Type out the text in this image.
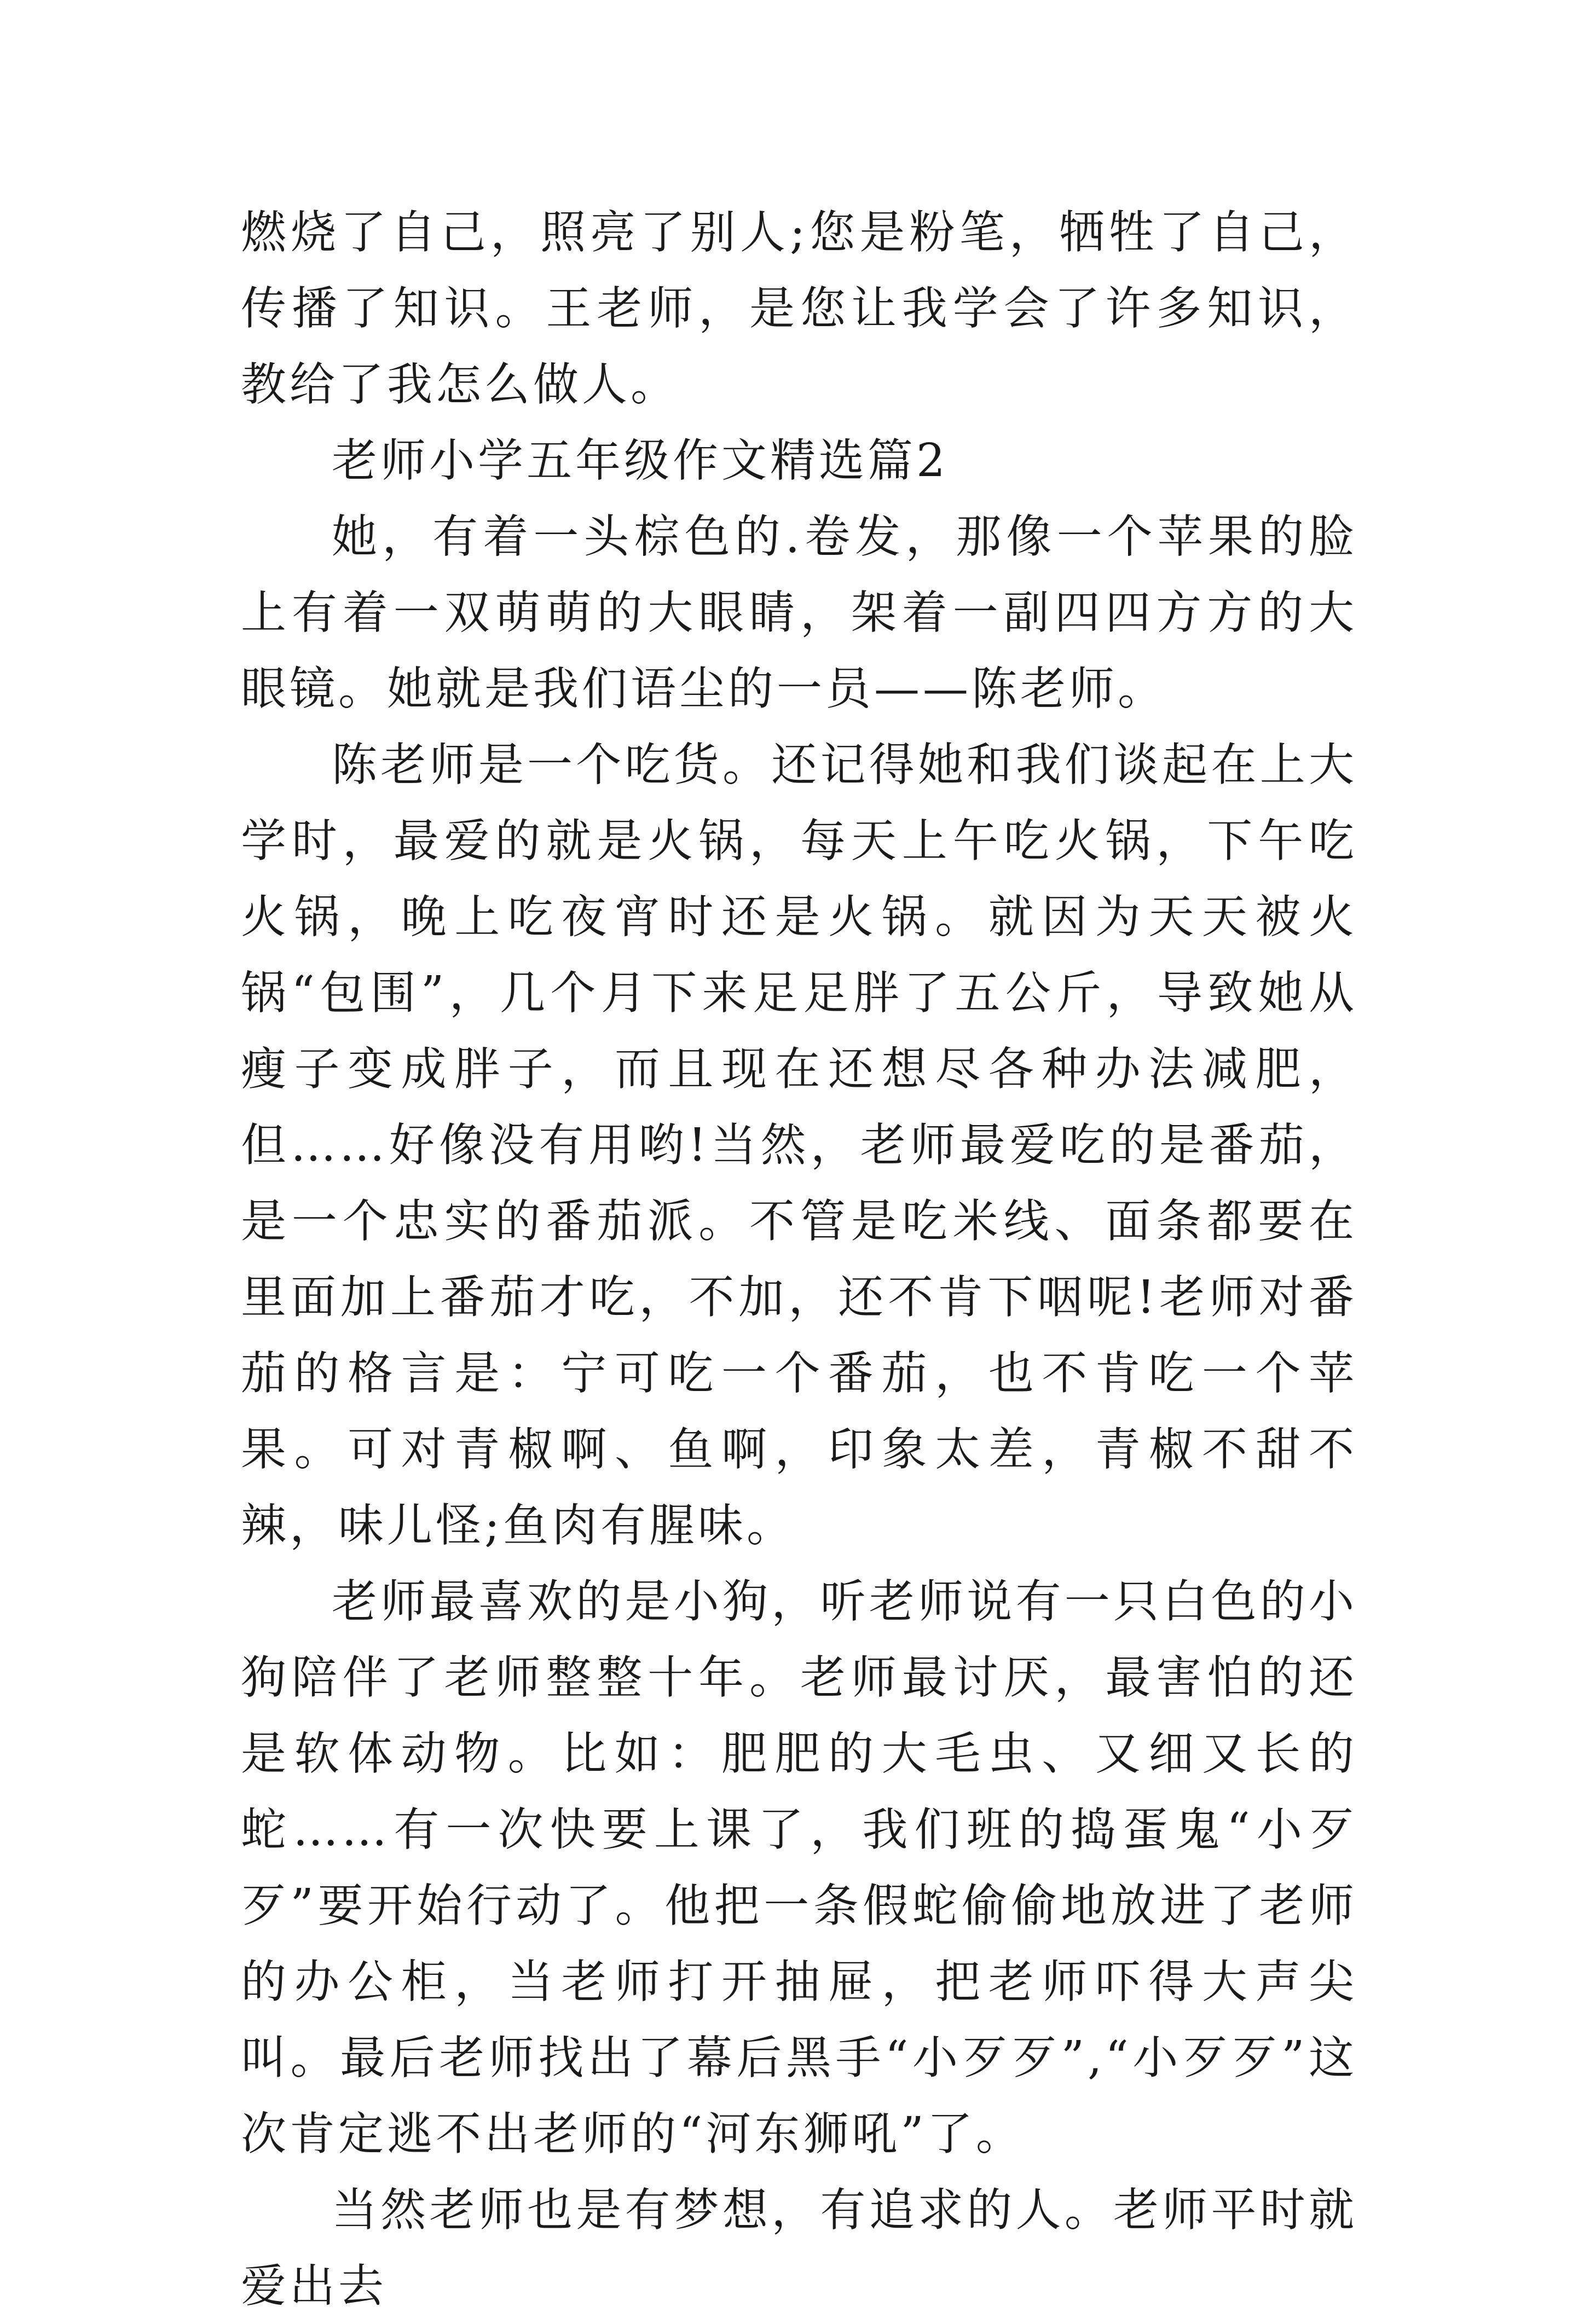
燃烧了自己，照亮了别人;您是粉笔，牺牲了自己，传播了知识。王老师，是您让我学会了许多知识，教给了我怎么做人。

老师小学五年级作文精选篇2

她，有着一头棕色的.卷发，那像一个苹果的脸上有着一双萌萌的大眼睛，架着一副四四方方的大眼镜。她就是我们语尘的一员——陈老师。

陈老师是一个吃货。还记得她和我们谈起在上大学时，最爱的就是火锅，每天上午吃火锅，下午吃火锅，晚上吃夜宵时还是火锅。就因为天天被火锅“包围”，几个月下来足足胖了五公斤，导致她从瘦子变成胖子，而且现在还想尽各种办法减肥，但……好像没有用哟!当然，老师最爱吃的是番茄，是一个忠实的番茄派。不管是吃米线、面条都要在里面加上番茄才吃，不加，还不肯下咽呢!老师对番茄的格言是：宁可吃一个番茄，也不肯吃一个苹果。可对青椒啊、鱼啊，印象太差，青椒不甜不辣，味儿怪;鱼肉有腥味。

老师最喜欢的是小狗，听老师说有一只白色的小狗陪伴了老师整整十年。老师最讨厌，最害怕的还是软体动物。比如：肥肥的大毛虫、又细又长的蛇……有一次快要上课了，我们班的捣蛋鬼“小歹歹”要开始行动了。他把一条假蛇偷偷地放进了老师的办公柜，当老师打开抽屉，把老师吓得大声尖叫。最后老师找出了幕后黑手“小歹歹”,“小歹歹”这次肯定逃不出老师的“河东狮吼”了。

当然老师也是有梦想，有追求的人。老师平时就爱出去
